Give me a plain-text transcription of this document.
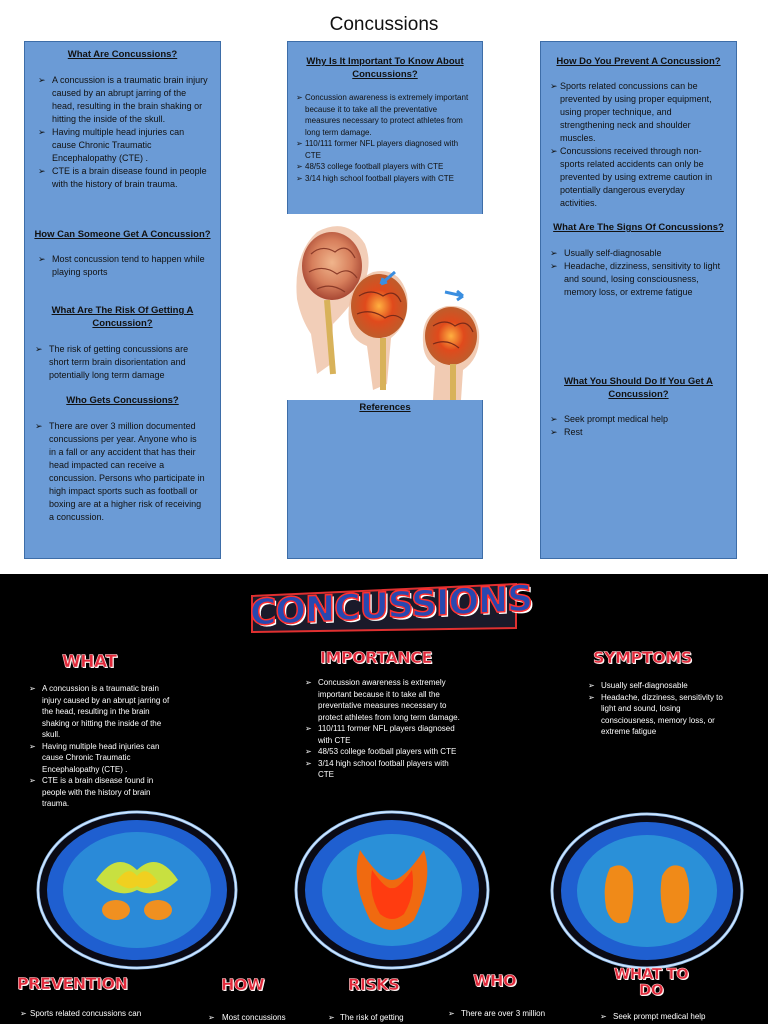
Concussions
What Are Concussions?
➢ A concussion is a traumatic brain injury caused by an abrupt jarring of the head, resulting in the brain shaking or hitting the inside of the skull.
➢ Having multiple head injuries can cause Chronic Traumatic Encephalopathy (CTE) .
➢ CTE is a brain disease found in people with the history of brain trauma.
How Can Someone Get A Concussion?
➢ Most concussion tend to happen while playing sports
What Are The Risk Of Getting A Concussion?
➢ The risk of getting concussions are short term brain disorientation and potentially long term damage
Who Gets Concussions?
➢ There are over 3 million documented concussions per year. Anyone who is in a fall or any accident that has their head impacted can receive a concussion. Persons who participate in high impact sports such as football or boxing are at a higher risk of receiving a concussion.
Why Is It Important To Know About Concussions?
➢ Concussion awareness is extremely important because it to take all the preventative measures necessary to protect athletes from long term damage.
➢ 110/111 former NFL players diagnosed with CTE
➢ 48/53 college football players with CTE
➢ 3/14 high school football players with CTE
References
How Do You Prevent A Concussion?
➢ Sports related concussions can be prevented by using proper equipment, using proper technique, and strengthening neck and shoulder muscles.
➢ Concussions received through non-sports related accidents can only be prevented by using extreme caution in potentially dangerous everyday activities.
What Are The Signs Of Concussions?
➢ Usually self-diagnosable
➢ Headache, dizziness, sensitivity to light and sound, losing consciousness, memory loss, or extreme fatigue
What You Should Do If You Get A Concussion?
➢ Seek prompt medical help
➢ Rest
CONCUSSIONS
WHAT
➢ A concussion is a traumatic brain injury caused by an abrupt jarring of the head, resulting in the brain shaking or hitting the inside of the skull.
➢ Having multiple head injuries can cause Chronic Traumatic Encephalopathy (CTE) .
➢ CTE is a brain disease found in people with the history of brain trauma.
IMPORTANCE
➢ Concussion awareness is extremely important because it to take all the preventative measures necessary to protect athletes from long term damage.
➢ 110/111 former NFL players diagnosed with CTE
➢ 48/53 college football players with CTE
➢ 3/14 high school football players with CTE
SYMPTOMS
➢ Usually self-diagnosable
➢ Headache, dizziness, sensitivity to light and sound, losing consciousness, memory loss, or extreme fatigue
PREVENTION
➢ Sports related concussions can
HOW
➢ Most concussions
RISKS
➢ The risk of getting
WHO
➢ There are over 3 million
WHAT TO
DO
➢ Seek prompt medical help
